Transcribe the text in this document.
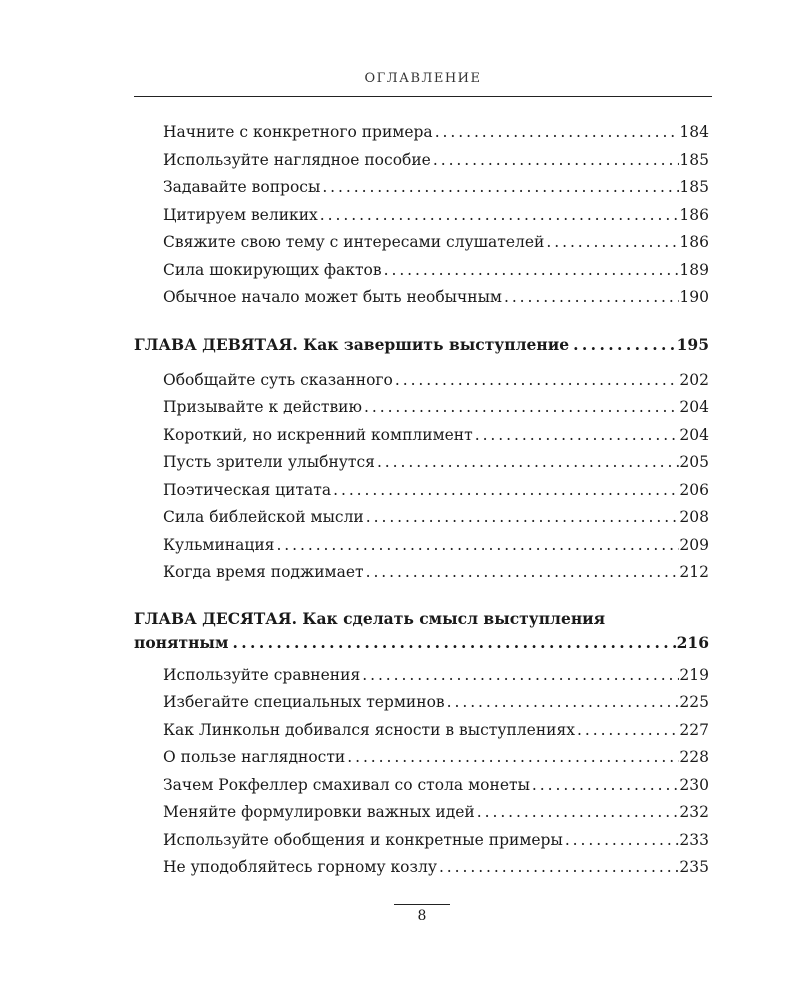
ОГЛАВЛЕНИЕ
Начните с конкретного примера . . .	184
Используйте наглядное пособие . . .	185
Задавайте вопросы . . .	185
Цитируем великих . . .	186
Свяжите свою тему с интересами слушателей . . .	186
Сила шокирующих фактов . . .	189
Обычное начало может быть необычным . . .	190
ГЛАВА ДЕВЯТАЯ. Как завершить выступление . . .	195
Обобщайте суть сказанного . . .	202
Призывайте к действию . . .	204
Короткий, но искренний комплимент . . .	204
Пусть зрители улыбнутся . . .	205
Поэтическая цитата . . .	206
Сила библейской мысли . . .	208
Кульминация . . .	209
Когда время поджимает . . .	212
ГЛАВА ДЕСЯТАЯ. Как сделать смысл выступления
понятным . . .	216
Используйте сравнения . . .	219
Избегайте специальных терминов . . .	225
Как Линкольн добивался ясности в выступлениях . . .	227
О пользе наглядности . . .	228
Зачем Рокфеллер смахивал со стола монеты . . .	230
Меняйте формулировки важных идей . . .	232
Используйте обобщения и конкретные примеры . . .	233
Не уподобляйтесь горному козлу . . .	235
8
